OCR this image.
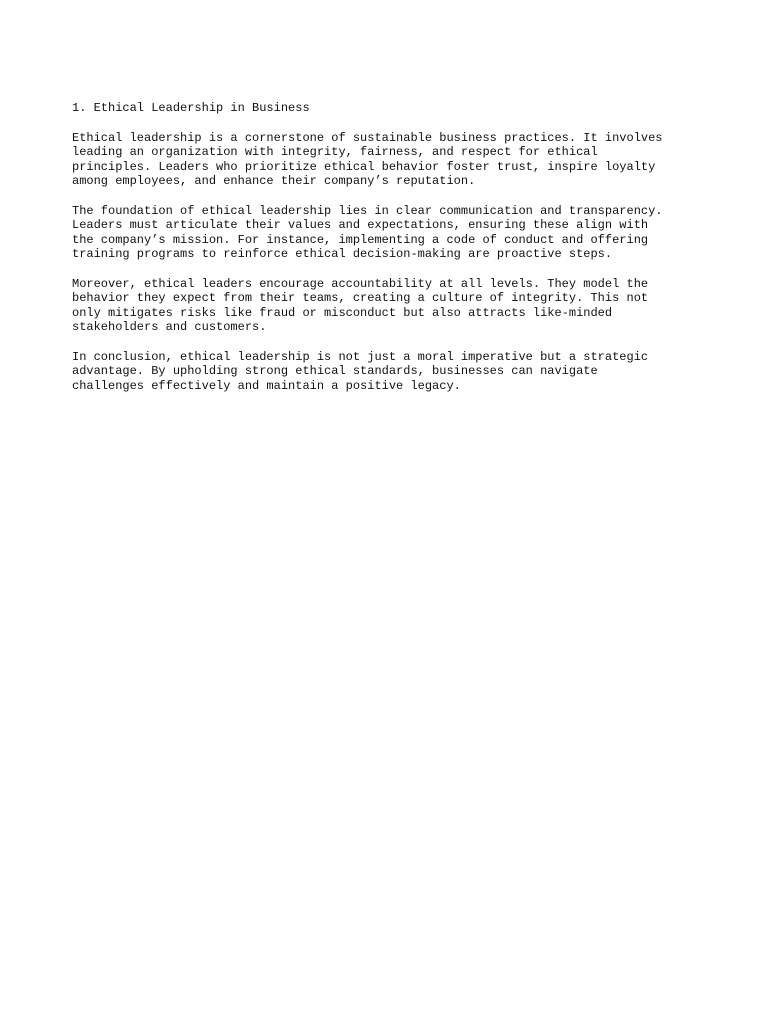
1. Ethical Leadership in Business

Ethical leadership is a cornerstone of sustainable business practices. It involves
leading an organization with integrity, fairness, and respect for ethical
principles. Leaders who prioritize ethical behavior foster trust, inspire loyalty
among employees, and enhance their company’s reputation.

The foundation of ethical leadership lies in clear communication and transparency.
Leaders must articulate their values and expectations, ensuring these align with
the company’s mission. For instance, implementing a code of conduct and offering
training programs to reinforce ethical decision-making are proactive steps.

Moreover, ethical leaders encourage accountability at all levels. They model the
behavior they expect from their teams, creating a culture of integrity. This not
only mitigates risks like fraud or misconduct but also attracts like-minded
stakeholders and customers.

In conclusion, ethical leadership is not just a moral imperative but a strategic
advantage. By upholding strong ethical standards, businesses can navigate
challenges effectively and maintain a positive legacy.
